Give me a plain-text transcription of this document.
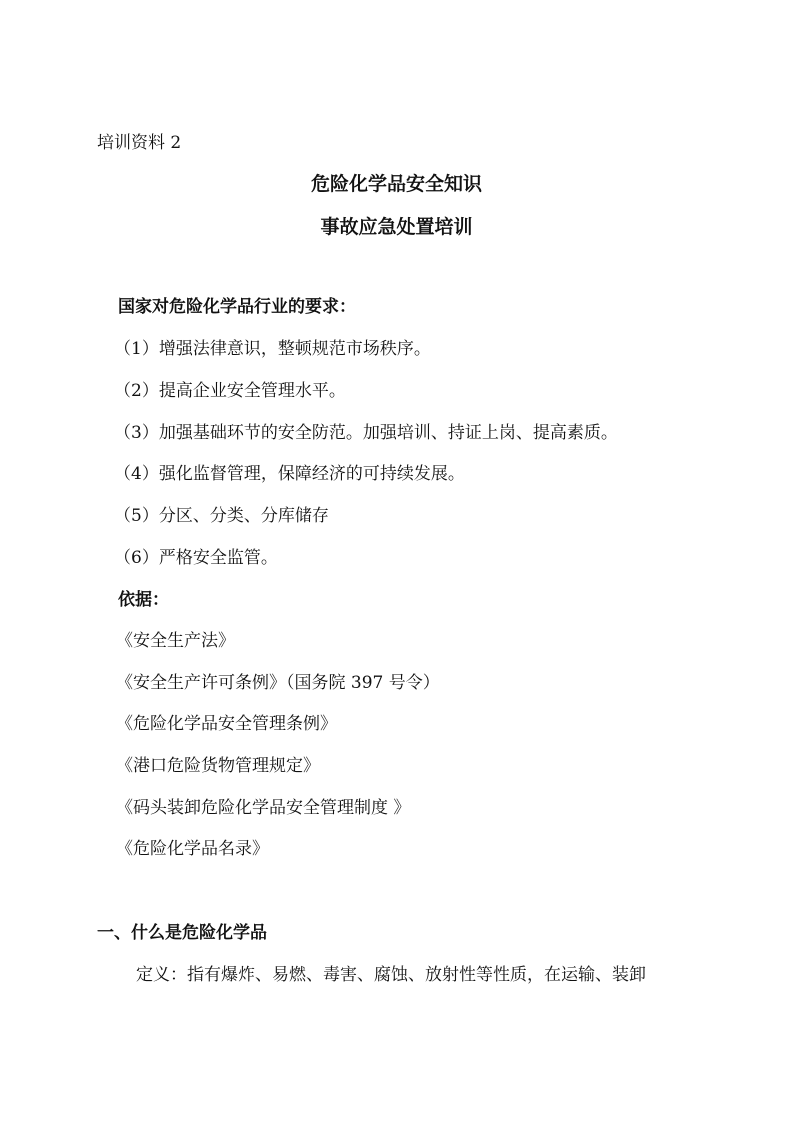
培训资料 2
危险化学品安全知识
事故应急处置培训
国家对危险化学品行业的要求：
（1）增强法律意识，整顿规范市场秩序。
（2）提高企业安全管理水平。
（3）加强基础环节的安全防范。加强培训、持证上岗、提高素质。
（4）强化监督管理，保障经济的可持续发展。
（5）分区、分类、分库储存
（6）严格安全监管。
依据：
《安全生产法》
《安全生产许可条例》（国务院 397 号令）
《危险化学品安全管理条例》
《港口危险货物管理规定》
《码头装卸危险化学品安全管理制度 》
《危险化学品名录》
一、什么是危险化学品
定义：指有爆炸、易燃、毒害、腐蚀、放射性等性质，在运输、装卸
